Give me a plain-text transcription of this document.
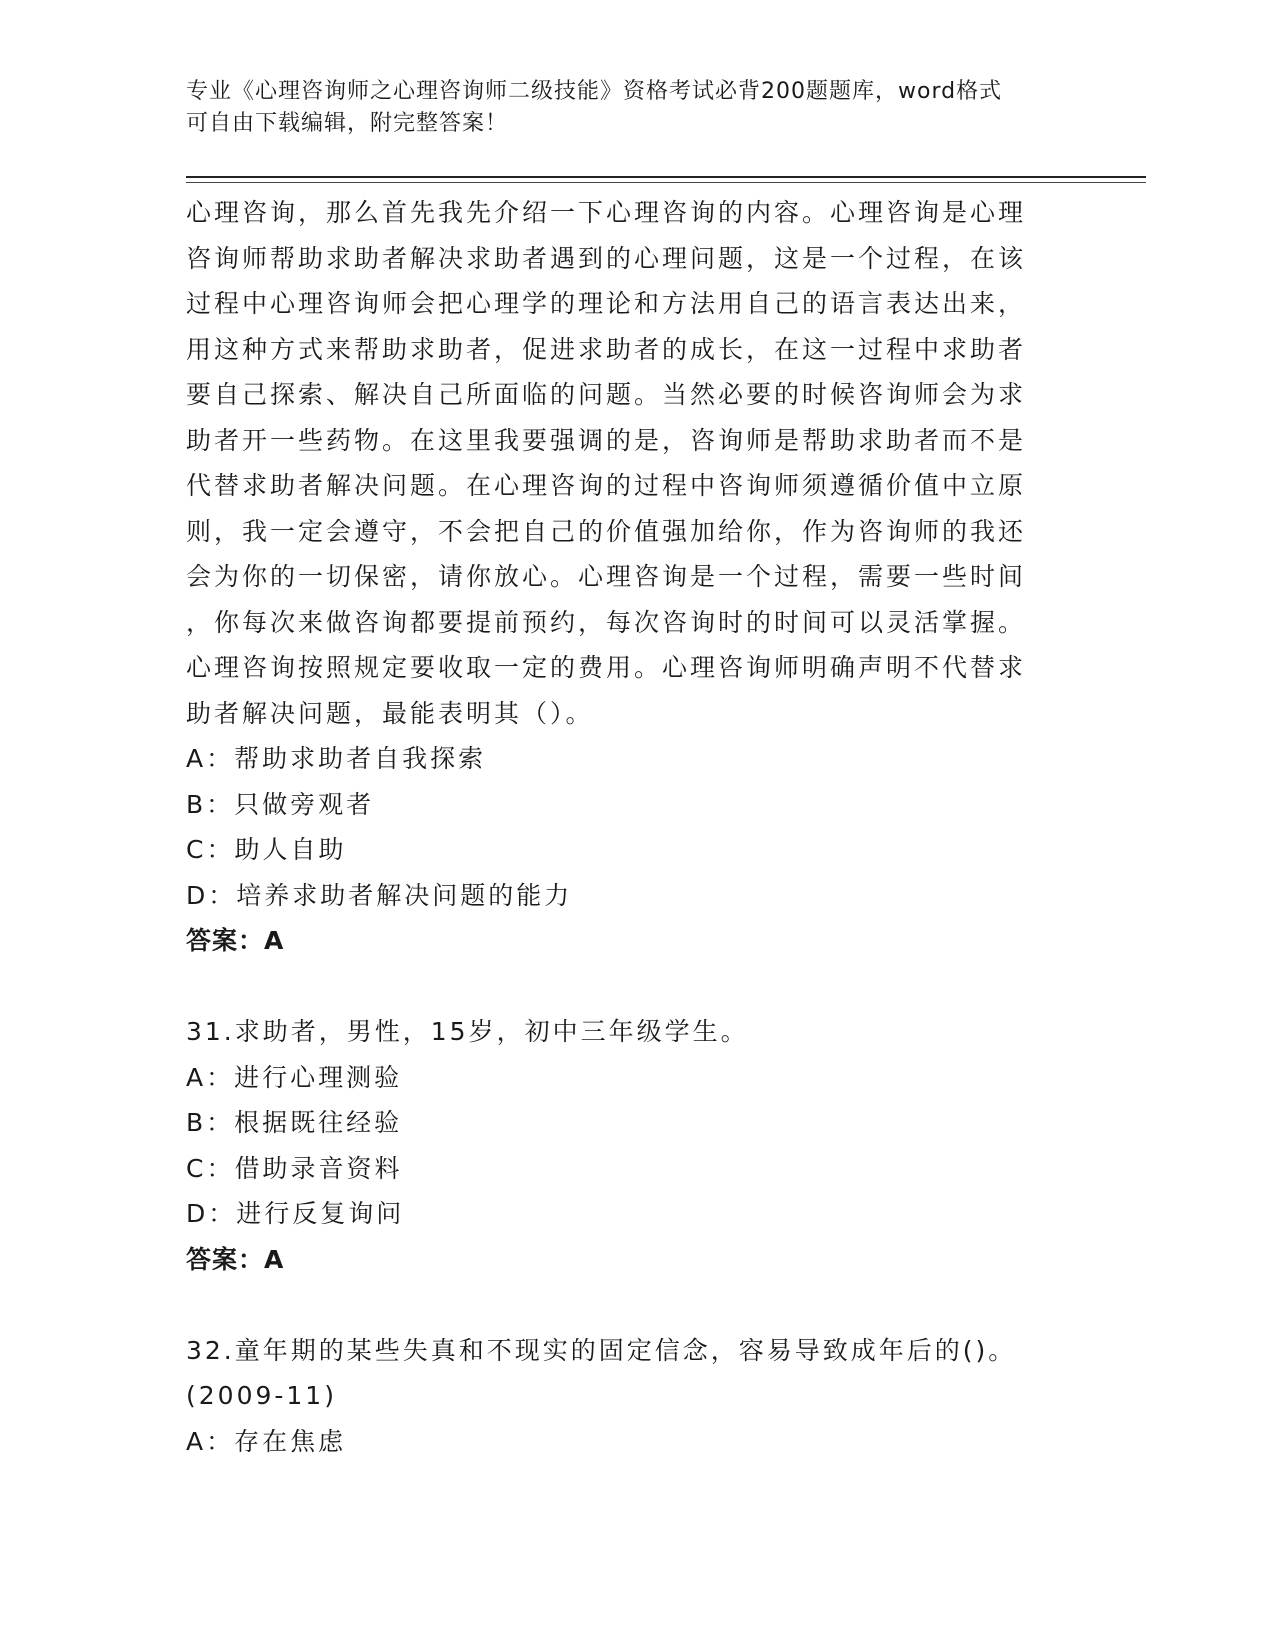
专业《心理咨询师之心理咨询师二级技能》资格考试必背200题题库，word格式
可自由下载编辑，附完整答案！
心理咨询，那么首先我先介绍一下心理咨询的内容。心理咨询是心理
咨询师帮助求助者解决求助者遇到的心理问题，这是一个过程，在该
过程中心理咨询师会把心理学的理论和方法用自己的语言表达出来，
用这种方式来帮助求助者，促进求助者的成长，在这一过程中求助者
要自己探索、解决自己所面临的问题。当然必要的时候咨询师会为求
助者开一些药物。在这里我要强调的是，咨询师是帮助求助者而不是
代替求助者解决问题。在心理咨询的过程中咨询师须遵循价值中立原
则，我一定会遵守，不会把自己的价值强加给你，作为咨询师的我还
会为你的一切保密，请你放心。心理咨询是一个过程，需要一些时间
，你每次来做咨询都要提前预约，每次咨询时的时间可以灵活掌握。
心理咨询按照规定要收取一定的费用。心理咨询师明确声明不代替求
助者解决问题，最能表明其（）。
A：帮助求助者自我探索
B：只做旁观者
C：助人自助
D：培养求助者解决问题的能力
答案：A
31.求助者，男性，15岁，初中三年级学生。
A：进行心理测验
B：根据既往经验
C：借助录音资料
D：进行反复询问
答案：A
32.童年期的某些失真和不现实的固定信念，容易导致成年后的()。
(2009-11)
A：存在焦虑
